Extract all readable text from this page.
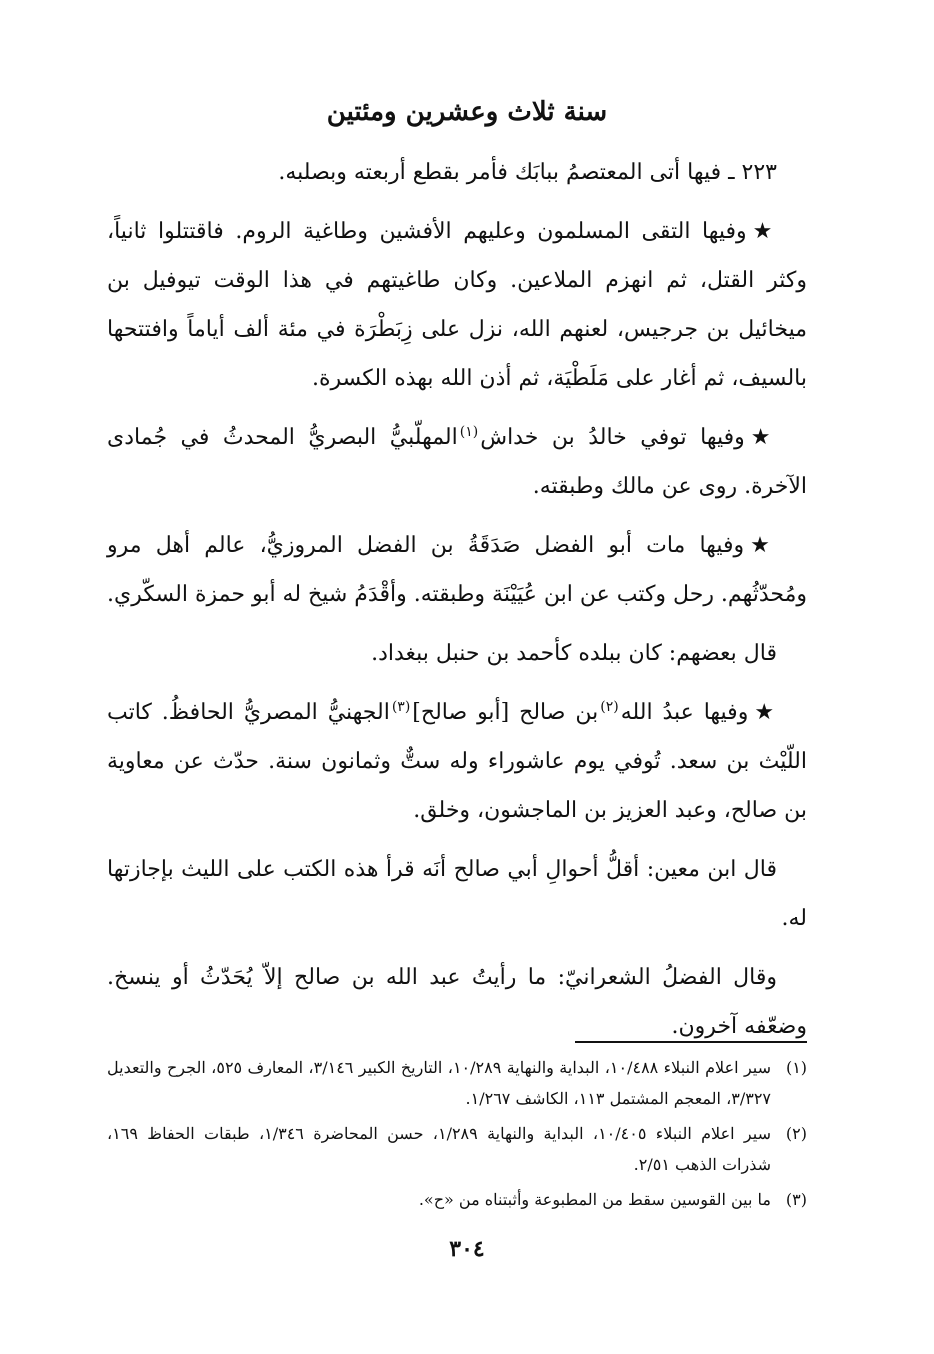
سنة ثلاث وعشرين ومئتين

٢٢٣ ـ فيها أتى المعتصمُ ببابَك فأمر بقطع أربعته وبصلبه.

★وفيها التقى المسلمون وعليهم الأفشين وطاغية الروم. فاقتتلوا ثانياً، وكثر القتل، ثم انهزم الملاعين. وكان طاغيتهم في هذا الوقت تيوفيل بن ميخائيل بن جرجيس، لعنهم الله، نزل على زِبَطْرَة في مئة ألف أياماً وافتتحها بالسيف، ثم أغار على مَلَطْيَة، ثم أذن الله بهذه الكسرة.

★وفيها توفي خالدُ بن خداش$^{(١)}$المهلّبيُّ البصريُّ المحدثُ في جُمادى الآخرة. روى عن مالك وطبقته.

★وفيها مات أبو الفضل صَدَقَةُ بن الفضل المروزيُّ، عالم أهل مرو ومُحدّثُهم. رحل وكتب عن ابن عُيَيْنَة وطبقته. وأقْدَمُ شيخ له أبو حمزة السكّري.

قال بعضهم: كان ببلده كأحمد بن حنبل ببغداد.

★وفيها عبدُ الله$^{(٢)}$بن صالح [أبو صالح]$^{(٣)}$الجهنيُّ المصريُّ الحافظُ. كاتب اللّيْث بن سعد. تُوفي يوم عاشوراء وله ستٌّ وثمانون سنة. حدّث عن معاوية بن صالح، وعبد العزيز بن الماجشون، وخلق.

قال ابن معين: أقلُّ أحوالِ أبي صالح أنَه قرأ هذه الكتب على الليث بإجازتها له.

وقال الفضلُ الشعرانيّ: ما رأيتُ عبد الله بن صالح إلاّ يُحَدّثُ أو ينسخ. وضعّفه آخرون.

(١)سير اعلام النبلاء ١٠/٤٨٨، البداية والنهاية ١٠/٢٨٩، التاريخ الكبير ٣/١٤٦، المعارف ٥٢٥، الجرح والتعديل ٣/٣٢٧، المعجم المشتمل ١١٣، الكاشف ١/٢٦٧.

(٢)سير اعلام النبلاء ١٠/٤٠٥، البداية والنهاية ١/٢٨٩، حسن المحاضرة ١/٣٤٦، طبقات الحفاظ ١٦٩، شذرات الذهب ٢/٥١.

(٣)ما بين القوسين سقط من المطبوعة وأثبتناه من «ح».

٣٠٤
